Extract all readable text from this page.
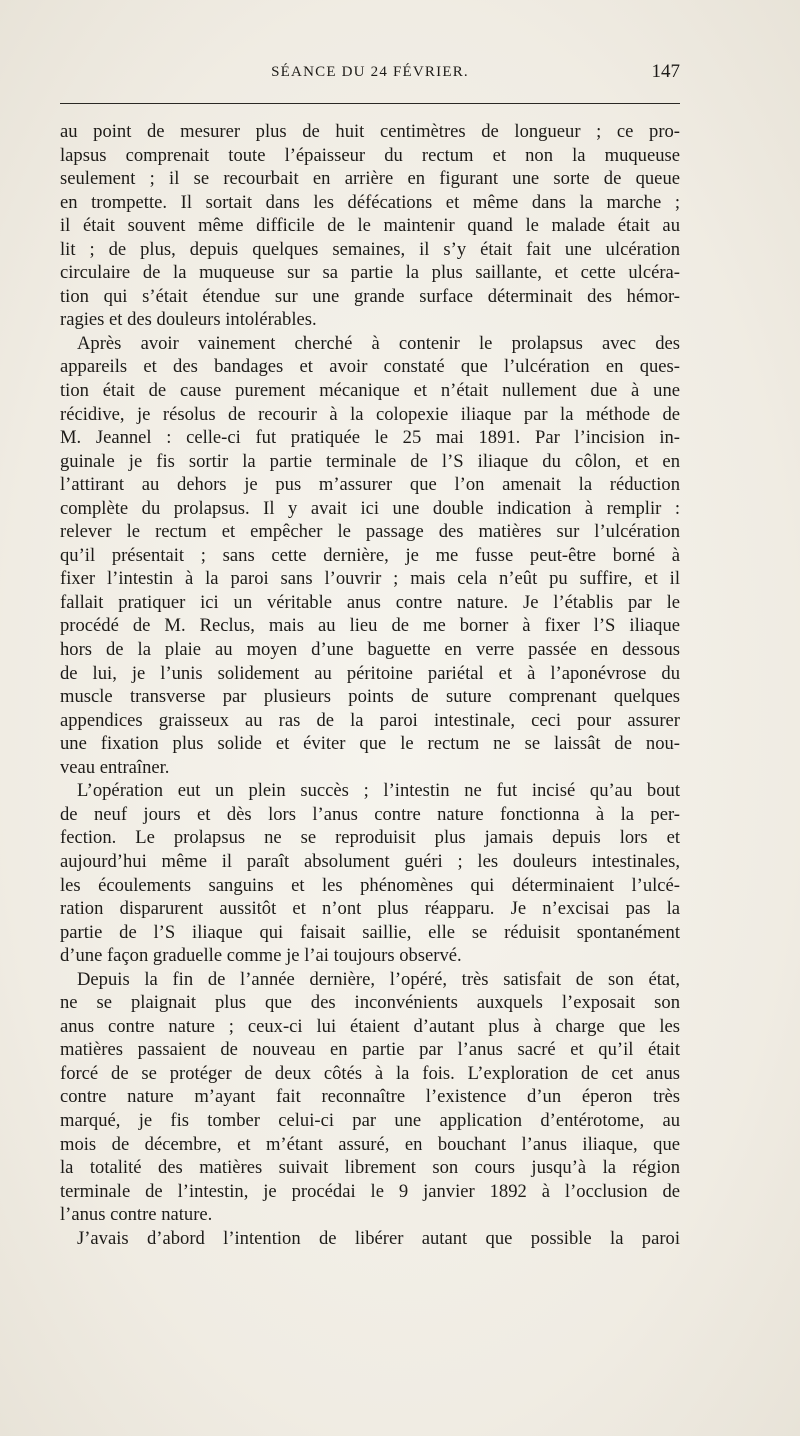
SÉANCE DU 24 FÉVRIER.	147

au point de mesurer plus de huit centimètres de longueur ; ce pro-
lapsus comprenait toute l’épaisseur du rectum et non la muqueuse
seulement ; il se recourbait en arrière en figurant une sorte de queue
en trompette. Il sortait dans les défécations et même dans la marche ;
il était souvent même difficile de le maintenir quand le malade était au
lit ; de plus, depuis quelques semaines, il s’y était fait une ulcération
circulaire de la muqueuse sur sa partie la plus saillante, et cette ulcéra-
tion qui s’était étendue sur une grande surface déterminait des hémor-
ragies et des douleurs intolérables.

Après avoir vainement cherché à contenir le prolapsus avec des
appareils et des bandages et avoir constaté que l’ulcération en ques-
tion était de cause purement mécanique et n’était nullement due à une
récidive, je résolus de recourir à la colopexie iliaque par la méthode de
M. Jeannel : celle-ci fut pratiquée le 25 mai 1891. Par l’incision in-
guinale je fis sortir la partie terminale de l’S iliaque du côlon, et en
l’attirant au dehors je pus m’assurer que l’on amenait la réduction
complète du prolapsus. Il y avait ici une double indication à remplir :
relever le rectum et empêcher le passage des matières sur l’ulcération
qu’il présentait ; sans cette dernière, je me fusse peut-être borné à
fixer l’intestin à la paroi sans l’ouvrir ; mais cela n’eût pu suffire, et il
fallait pratiquer ici un véritable anus contre nature. Je l’établis par le
procédé de M. Reclus, mais au lieu de me borner à fixer l’S iliaque
hors de la plaie au moyen d’une baguette en verre passée en dessous
de lui, je l’unis solidement au péritoine pariétal et à l’aponévrose du
muscle transverse par plusieurs points de suture comprenant quelques
appendices graisseux au ras de la paroi intestinale, ceci pour assurer
une fixation plus solide et éviter que le rectum ne se laissât de nou-
veau entraîner.

L’opération eut un plein succès ; l’intestin ne fut incisé qu’au bout
de neuf jours et dès lors l’anus contre nature fonctionna à la per-
fection. Le prolapsus ne se reproduisit plus jamais depuis lors et
aujourd’hui même il paraît absolument guéri ; les douleurs intestinales,
les écoulements sanguins et les phénomènes qui déterminaient l’ulcé-
ration disparurent aussitôt et n’ont plus réapparu. Je n’excisai pas la
partie de l’S iliaque qui faisait saillie, elle se réduisit spontanément
d’une façon graduelle comme je l’ai toujours observé.

Depuis la fin de l’année dernière, l’opéré, très satisfait de son état,
ne se plaignait plus que des inconvénients auxquels l’exposait son
anus contre nature ; ceux-ci lui étaient d’autant plus à charge que les
matières passaient de nouveau en partie par l’anus sacré et qu’il était
forcé de se protéger de deux côtés à la fois. L’exploration de cet anus
contre nature m’ayant fait reconnaître l’existence d’un éperon très
marqué, je fis tomber celui-ci par une application d’entérotome, au
mois de décembre, et m’étant assuré, en bouchant l’anus iliaque, que
la totalité des matières suivait librement son cours jusqu’à la région
terminale de l’intestin, je procédai le 9 janvier 1892 à l’occlusion de
l’anus contre nature.

J’avais d’abord l’intention de libérer autant que possible la paroi
